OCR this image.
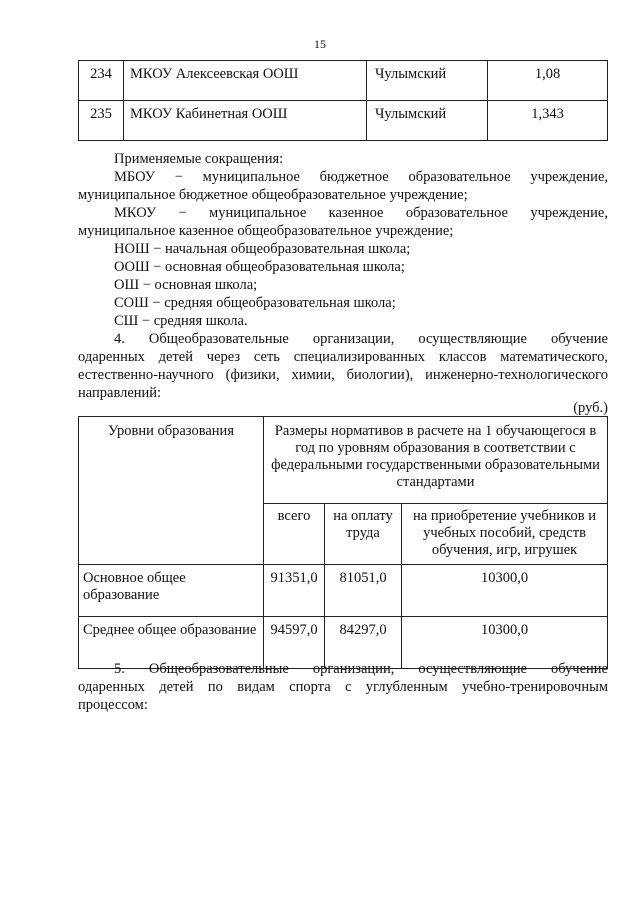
15
234	МКОУ Алексеевская ООШ	Чулымский	1,08
235	МКОУ Кабинетная ООШ	Чулымский	1,343
Применяемые сокращения:
МБОУ − муниципальное бюджетное образовательное учреждение,
муниципальное бюджетное общеобразовательное учреждение;
МКОУ − муниципальное казенное образовательное учреждение,
муниципальное казенное общеобразовательное учреждение;
НОШ − начальная общеобразовательная школа;
ООШ − основная общеобразовательная школа;
ОШ − основная школа;
СОШ − средняя общеобразовательная школа;
СШ − средняя школа.
4. Общеобразовательные организации, осуществляющие обучение
одаренных детей через сеть специализированных классов математического,
естественно-научного (физики, химии, биологии), инженерно-технологического
направлений:
(руб.)
Уровни образования	Размеры нормативов в расчете на 1 обучающегося в год по уровням образования в соответствии с федеральными государственными образовательными стандартами		
	всего	на оплату труда	на приобретение учебников и учебных пособий, средств обучения, игр, игрушек
Основное общее образование	91351,0	81051,0	10300,0
Среднее общее образование	94597,0	84297,0	10300,0
5. Общеобразовательные организации, осуществляющие обучение
одаренных детей по видам спорта с углубленным учебно-тренировочным
процессом:
